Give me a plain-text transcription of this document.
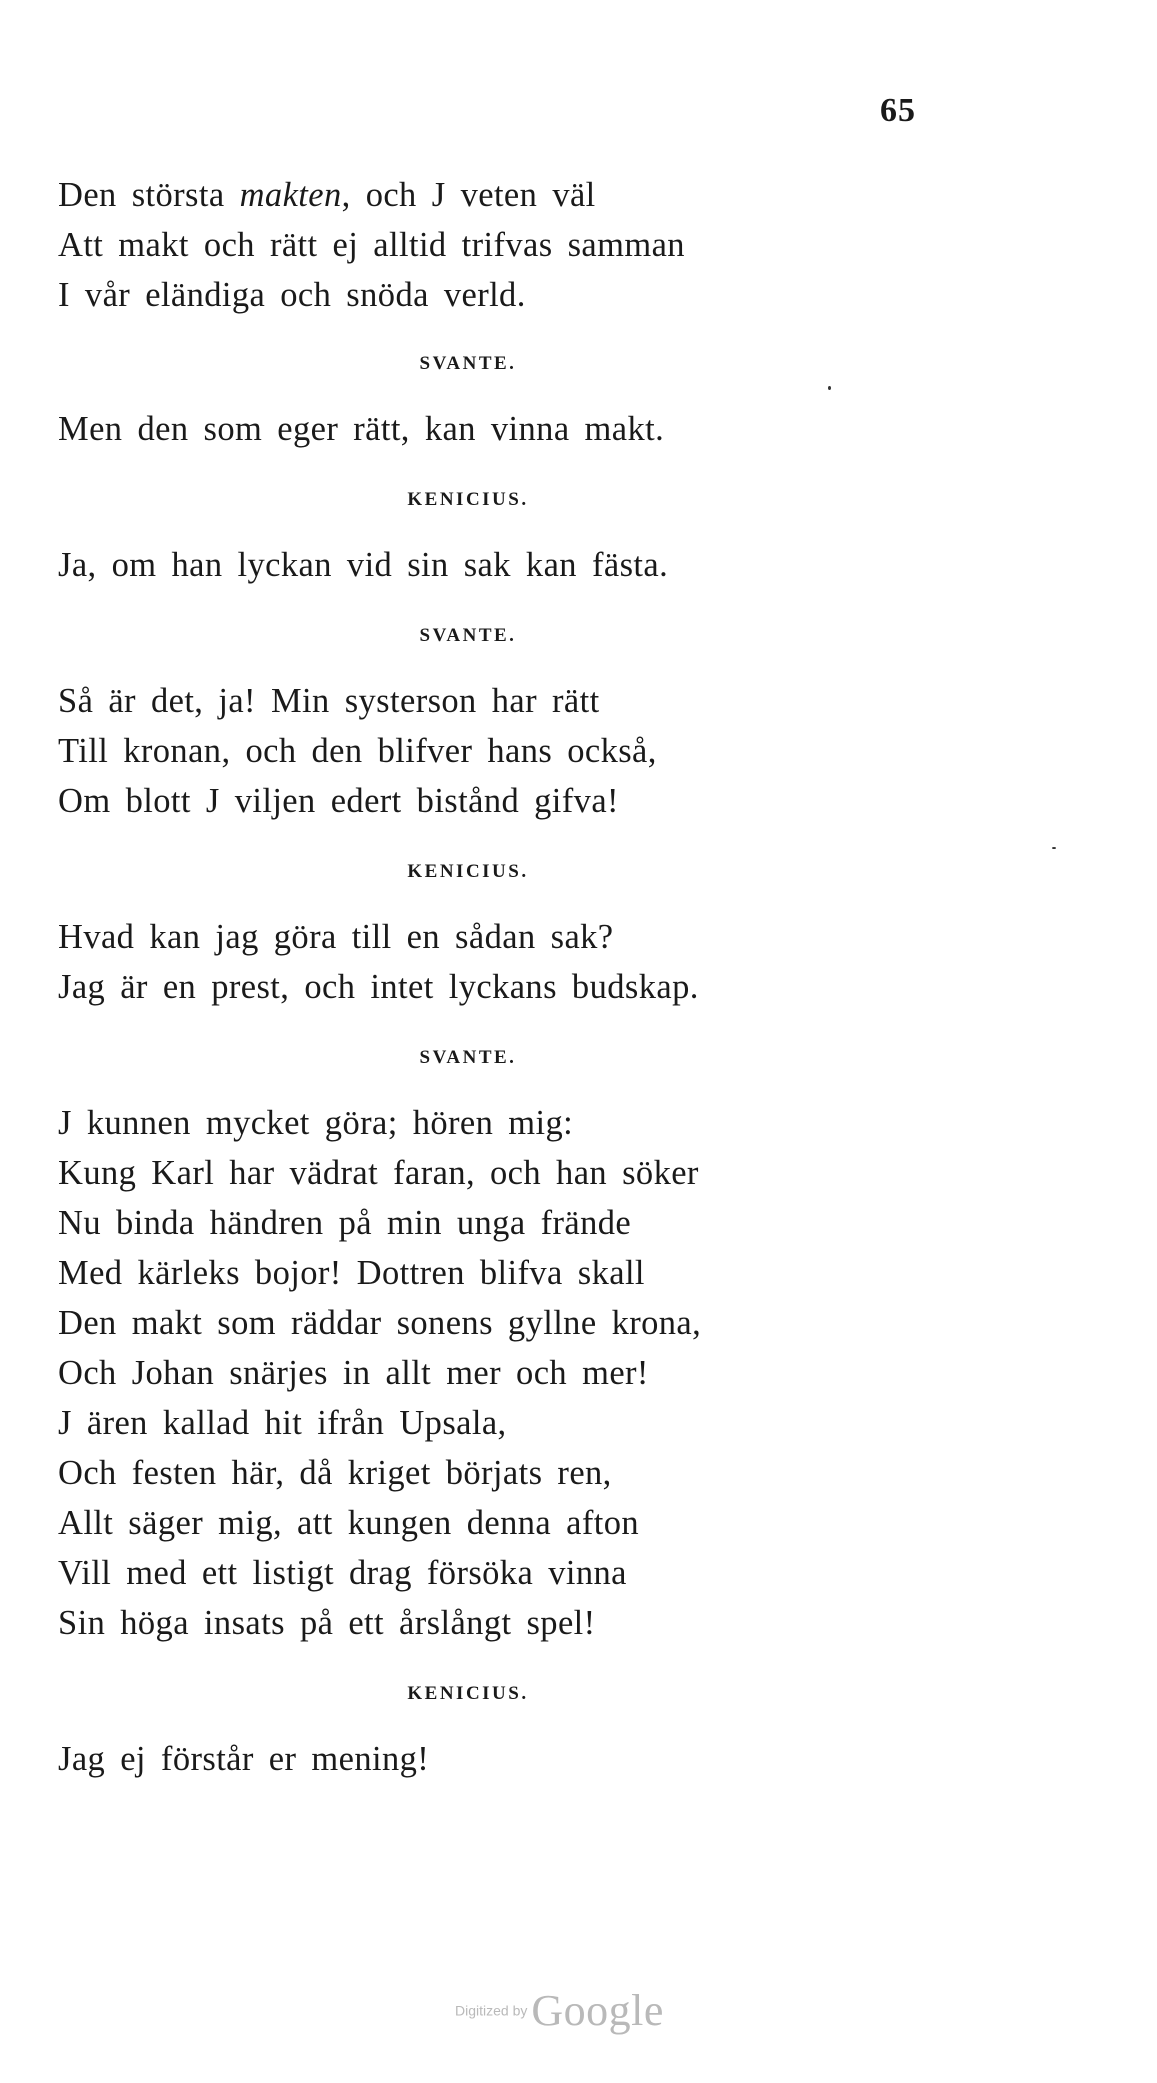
65
Den största makten, och J veten väl
Att makt och rätt ej alltid trifvas samman
I vår eländiga och snöda verld.
SVANTE.
Men den som eger rätt, kan vinna makt.
KENICIUS.
Ja, om han lyckan vid sin sak kan fästa.
SVANTE.
Så är det, ja! Min systerson har rätt
Till kronan, och den blifver hans också,
Om blott J viljen edert bistånd gifva!
KENICIUS.
Hvad kan jag göra till en sådan sak?
Jag är en prest, och intet lyckans budskap.
SVANTE.
J kunnen mycket göra; hören mig:
Kung Karl har vädrat faran, och han söker
Nu binda händren på min unga frände
Med kärleks bojor! Dottren blifva skall
Den makt som räddar sonens gyllne krona,
Och Johan snärjes in allt mer och mer!
J ären kallad hit ifrån Upsala,
Och festen här, då kriget börjats ren,
Allt säger mig, att kungen denna afton
Vill med ett listigt drag försöka vinna
Sin höga insats på ett årslångt spel!
KENICIUS.
Jag ej förstår er mening!
Digitized by Google
